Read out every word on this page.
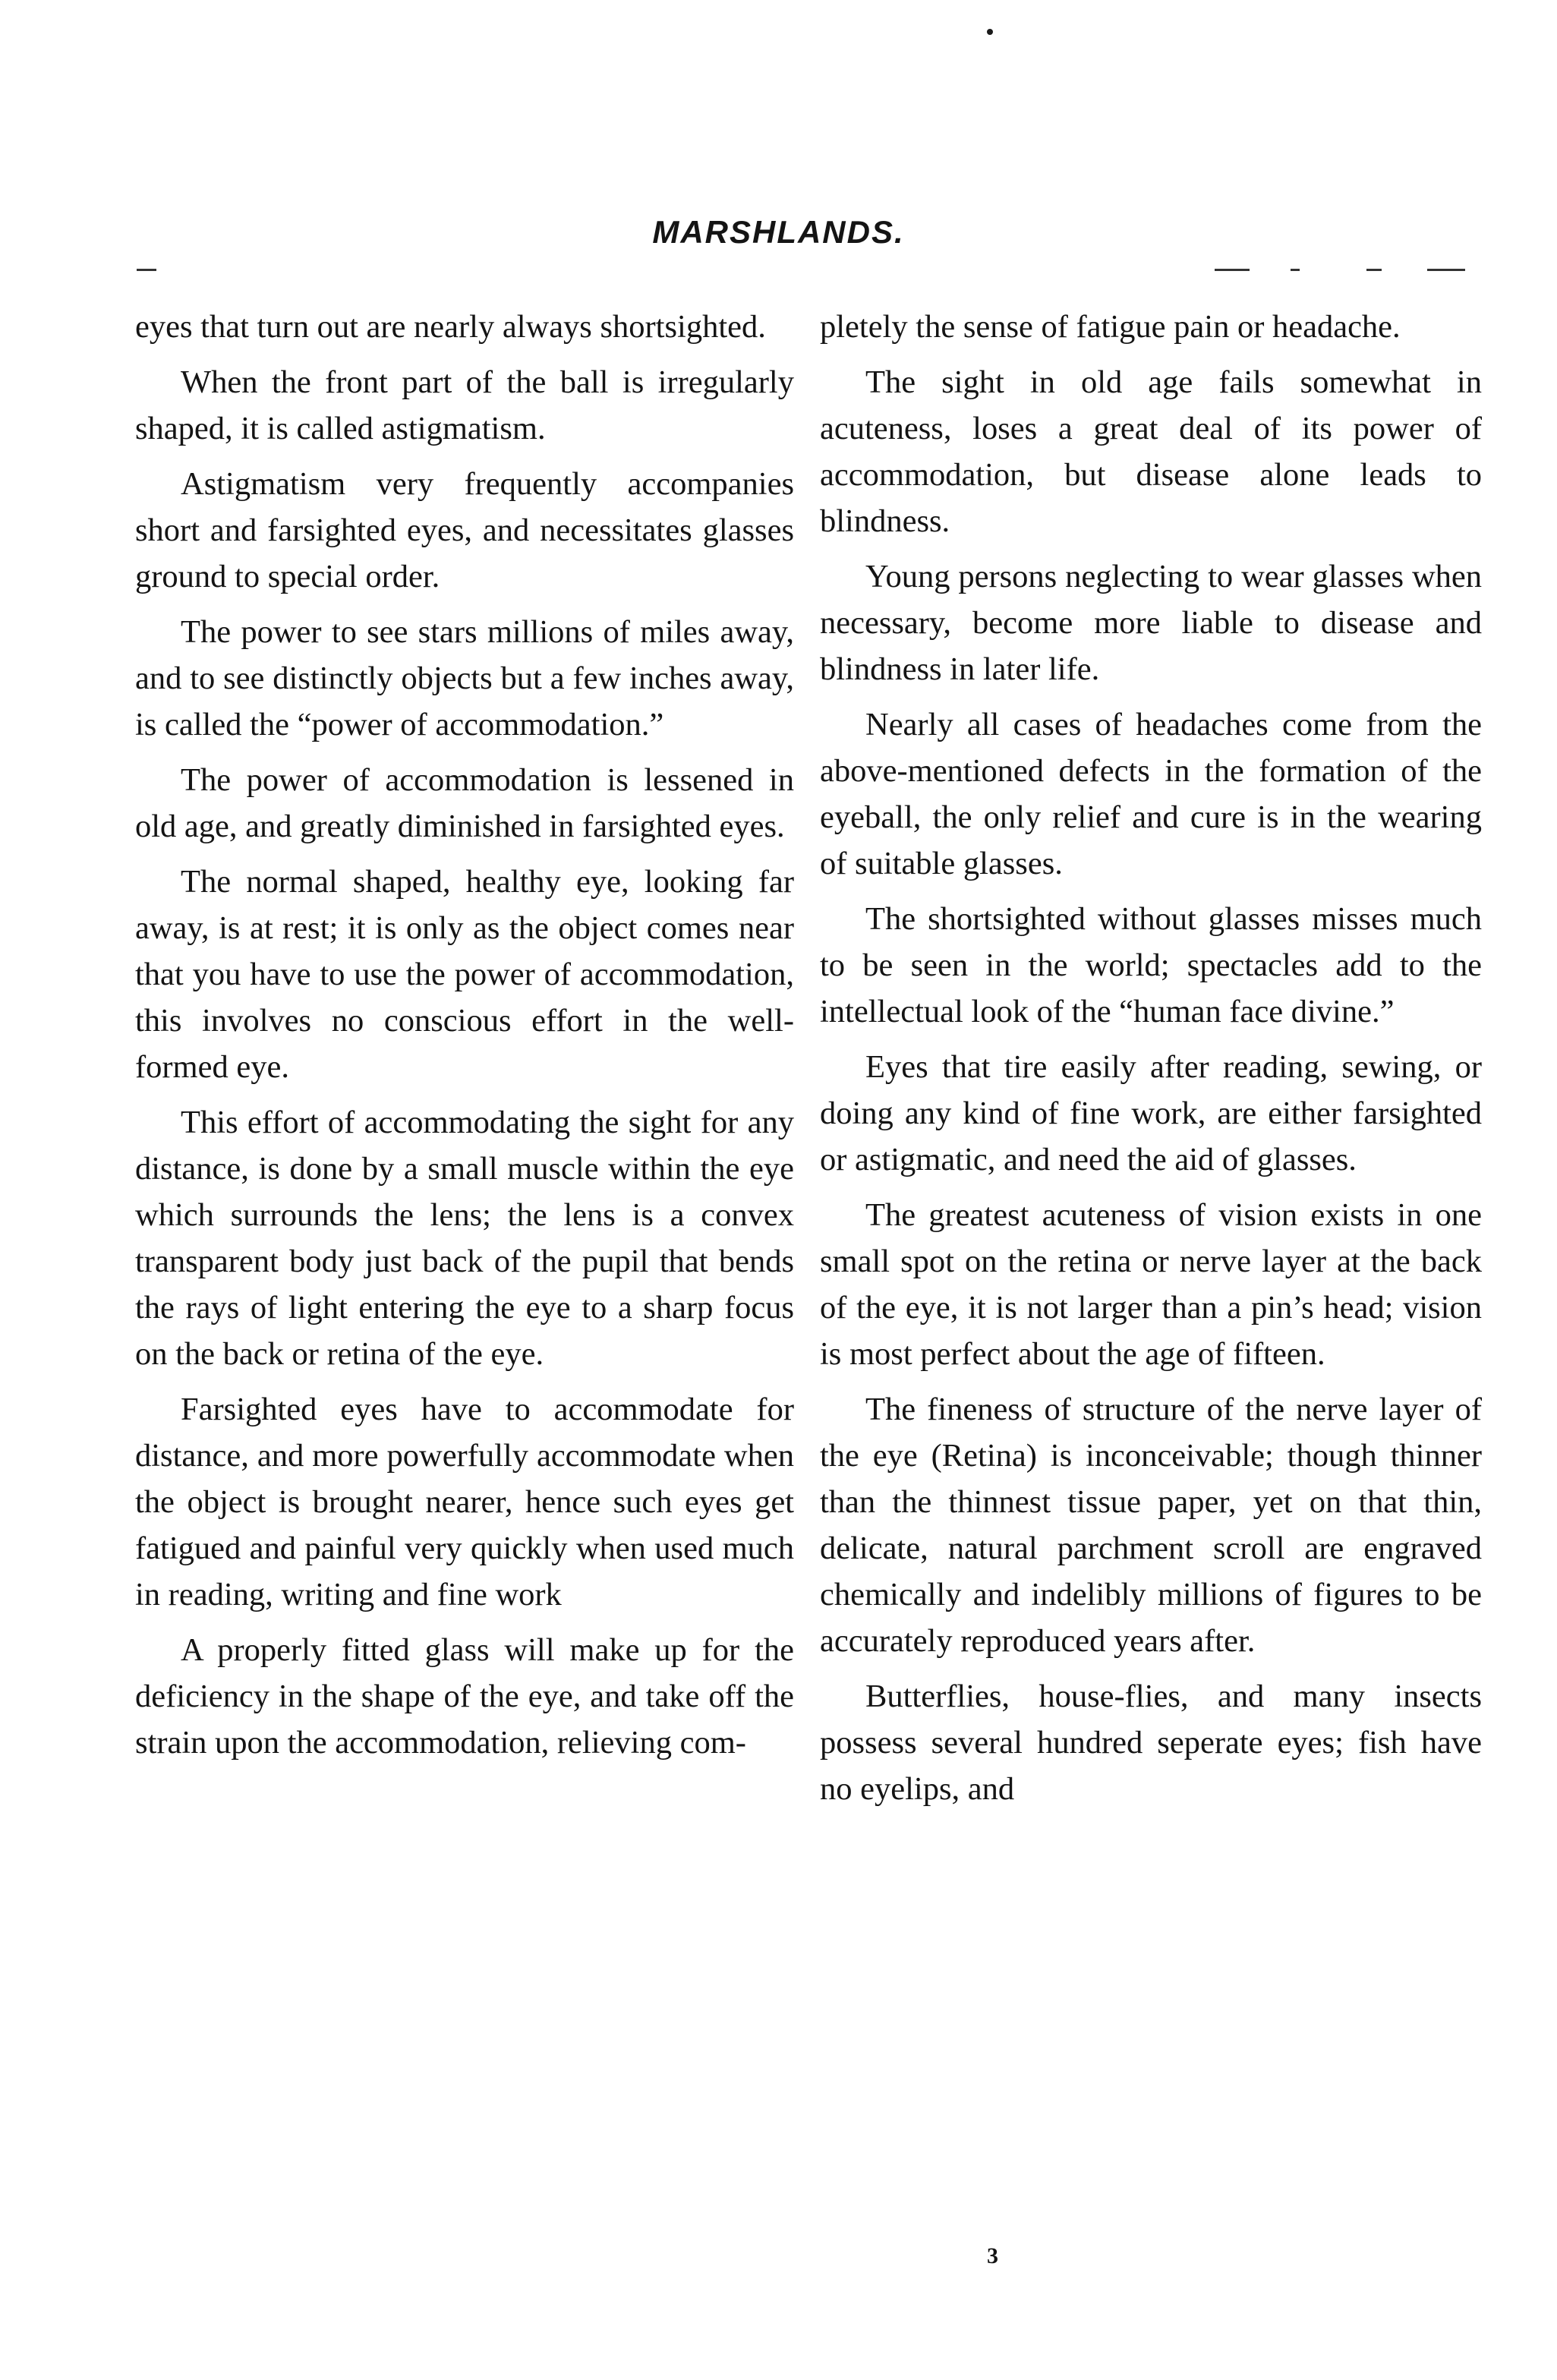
MARSHLANDS.

eyes that turn out are nearly always shortsighted.

When the front part of the ball is irregularly shaped, it is called astigmatism.

Astigmatism very frequently accompanies short and farsighted eyes, and necessitates glasses ground to special order.

The power to see stars millions of miles away, and to see distinctly objects but a few inches away, is called the “power of accommodation.”

The power of accommodation is lessened in old age, and greatly diminished in farsighted eyes.

The normal shaped, healthy eye, looking far away, is at rest; it is only as the object comes near that you have to use the power of accommodation, this involves no conscious effort in the well-formed eye.

This effort of accommodating the sight for any distance, is done by a small muscle within the eye which surrounds the lens; the lens is a convex transparent body just back of the pupil that bends the rays of light entering the eye to a sharp focus on the back or retina of the eye.

Farsighted eyes have to accommodate for distance, and more powerfully accommodate when the object is brought nearer, hence such eyes get fatigued and painful very quickly when used much in reading, writing and fine work

A properly fitted glass will make up for the deficiency in the shape of the eye, and take off the strain upon the accommodation, relieving com-

pletely the sense of fatigue pain or headache.

The sight in old age fails somewhat in acuteness, loses a great deal of its power of accommodation, but disease alone leads to blindness.

Young persons neglecting to wear glasses when necessary, become more liable to disease and blindness in later life.

Nearly all cases of headaches come from the above-mentioned defects in the formation of the eyeball, the only relief and cure is in the wearing of suitable glasses.

The shortsighted without glasses misses much to be seen in the world; spectacles add to the intellectual look of the “human face divine.”

Eyes that tire easily after reading, sewing, or doing any kind of fine work, are either farsighted or astigmatic, and need the aid of glasses.

The greatest acuteness of vision exists in one small spot on the retina or nerve layer at the back of the eye, it is not larger than a pin’s head; vision is most perfect about the age of fifteen.

The fineness of structure of the nerve layer of the eye (Retina) is inconceivable; though thinner than the thinnest tissue paper, yet on that thin, delicate, natural parchment scroll are engraved chemically and indelibly millions of figures to be accurately reproduced years after.

Butterflies, house-flies, and many insects possess several hundred seperate eyes; fish have no eyelips, and

3
